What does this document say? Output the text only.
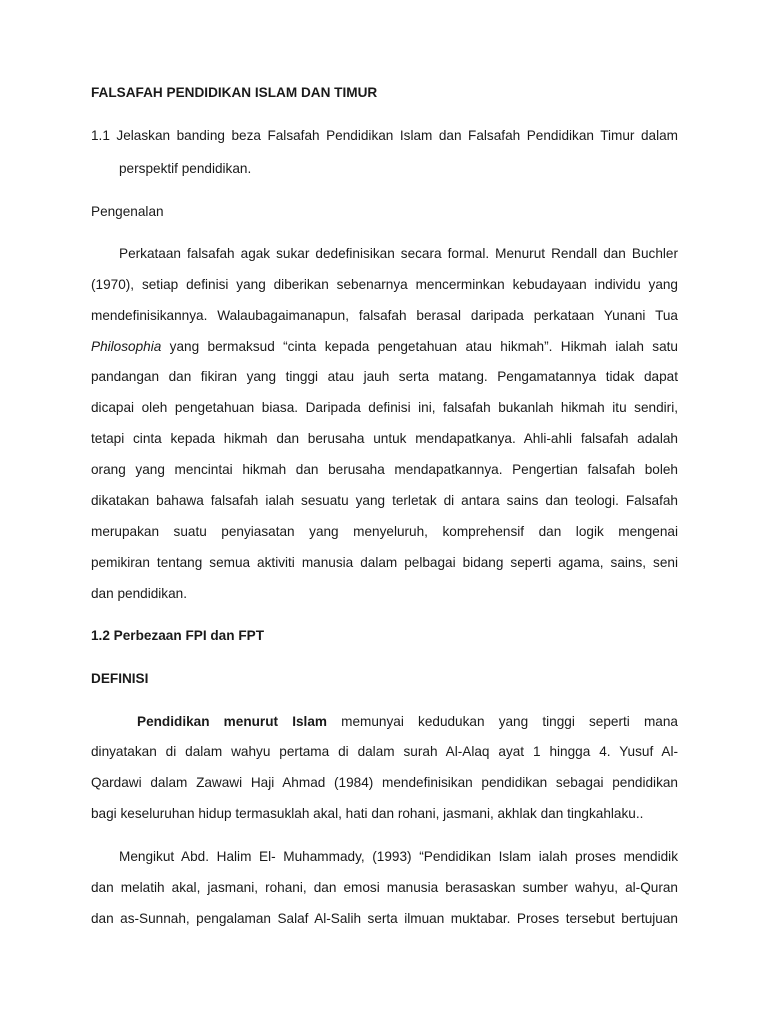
FALSAFAH PENDIDIKAN ISLAM DAN TIMUR
1.1 Jelaskan banding beza Falsafah Pendidikan Islam dan Falsafah Pendidikan Timur dalam
perspektif pendidikan.
Pengenalan
Perkataan falsafah agak sukar dedefinisikan secara formal. Menurut Rendall dan Buchler
(1970), setiap definisi yang diberikan sebenarnya mencerminkan kebudayaan individu yang
mendefinisikannya. Walaubagaimanapun, falsafah berasal daripada perkataan Yunani Tua
Philosophia yang bermaksud “cinta kepada pengetahuan atau hikmah”. Hikmah ialah satu
pandangan dan fikiran yang tinggi atau jauh serta matang. Pengamatannya tidak dapat
dicapai oleh pengetahuan biasa. Daripada definisi ini, falsafah bukanlah hikmah itu sendiri,
tetapi cinta kepada hikmah dan berusaha untuk mendapatkanya. Ahli-ahli falsafah adalah
orang yang mencintai hikmah dan berusaha mendapatkannya. Pengertian falsafah boleh
dikatakan bahawa falsafah ialah sesuatu yang terletak di antara sains dan teologi. Falsafah
merupakan suatu penyiasatan yang menyeluruh, komprehensif dan logik mengenai
pemikiran tentang semua aktiviti manusia dalam pelbagai bidang seperti agama, sains, seni
dan pendidikan.
1.2 Perbezaan FPI dan FPT
DEFINISI
Pendidikan menurut Islam memunyai kedudukan yang tinggi seperti mana
dinyatakan di dalam wahyu pertama di dalam surah Al-Alaq ayat 1 hingga 4. Yusuf Al-
Qardawi dalam Zawawi Haji Ahmad (1984) mendefinisikan pendidikan sebagai pendidikan
bagi keseluruhan hidup termasuklah akal, hati dan rohani, jasmani, akhlak dan tingkahlaku..
Mengikut Abd. Halim El- Muhammady, (1993) “Pendidikan Islam ialah proses mendidik
dan melatih akal, jasmani, rohani, dan emosi manusia berasaskan sumber wahyu, al-Quran
dan as-Sunnah, pengalaman Salaf Al-Salih serta ilmuan muktabar. Proses tersebut bertujuan
